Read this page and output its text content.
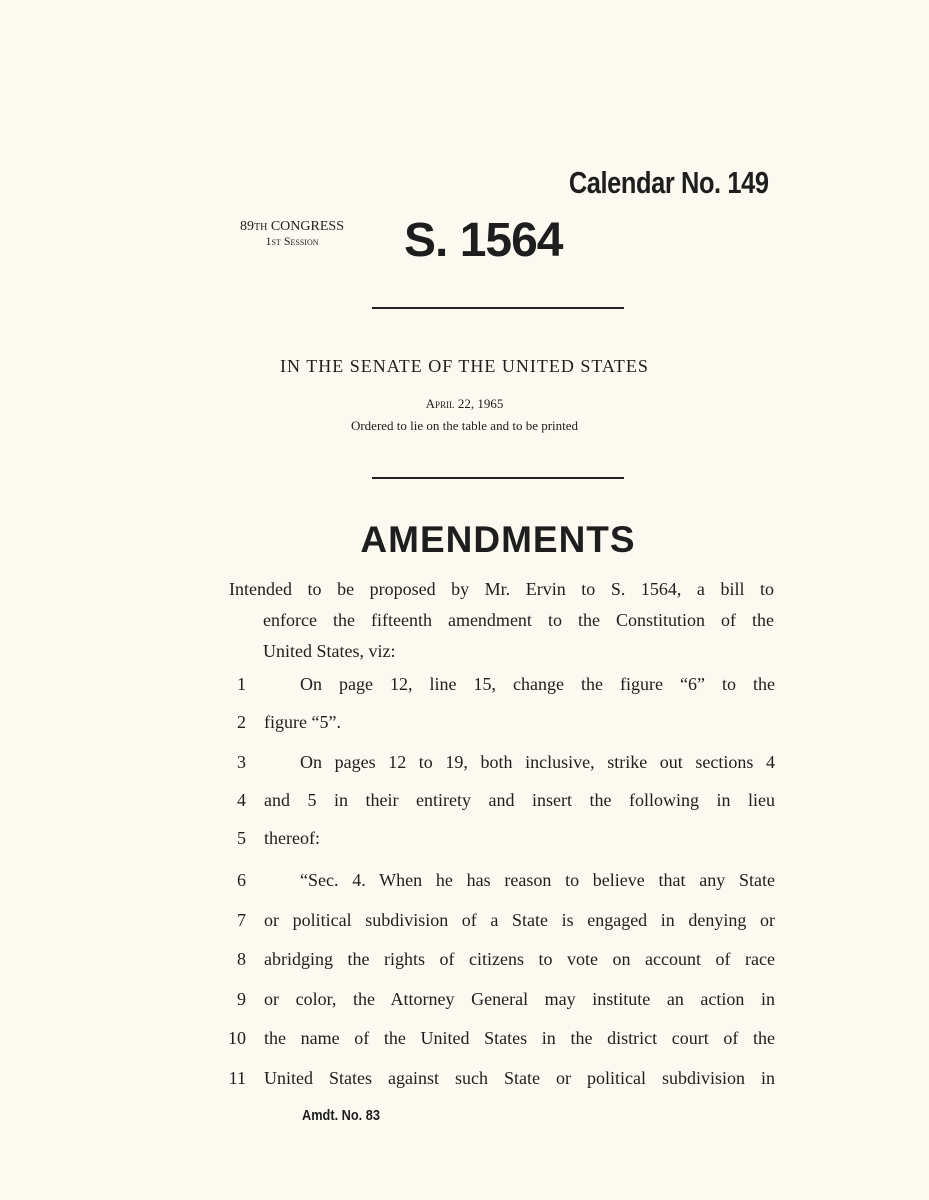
Calendar No. 149
89th CONGRESS
1st Session	S. 1564
IN THE SENATE OF THE UNITED STATES
April 22, 1965
Ordered to lie on the table and to be printed
AMENDMENTS
Intended to be proposed by Mr. Ervin to S. 1564, a bill to
enforce the fifteenth amendment to the Constitution of the
United States, viz:
1	On page 12, line 15, change the figure “6” to the
2 figure “5”.
3	On pages 12 to 19, both inclusive, strike out sections 4
4 and 5 in their entirety and insert the following in lieu
5 thereof:
6	“Sec. 4. When he has reason to believe that any State
7 or political subdivision of a State is engaged in denying or
8 abridging the rights of citizens to vote on account of race
9 or color, the Attorney General may institute an action in
10 the name of the United States in the district court of the
11 United States against such State or political subdivision in
Amdt. No. 83
